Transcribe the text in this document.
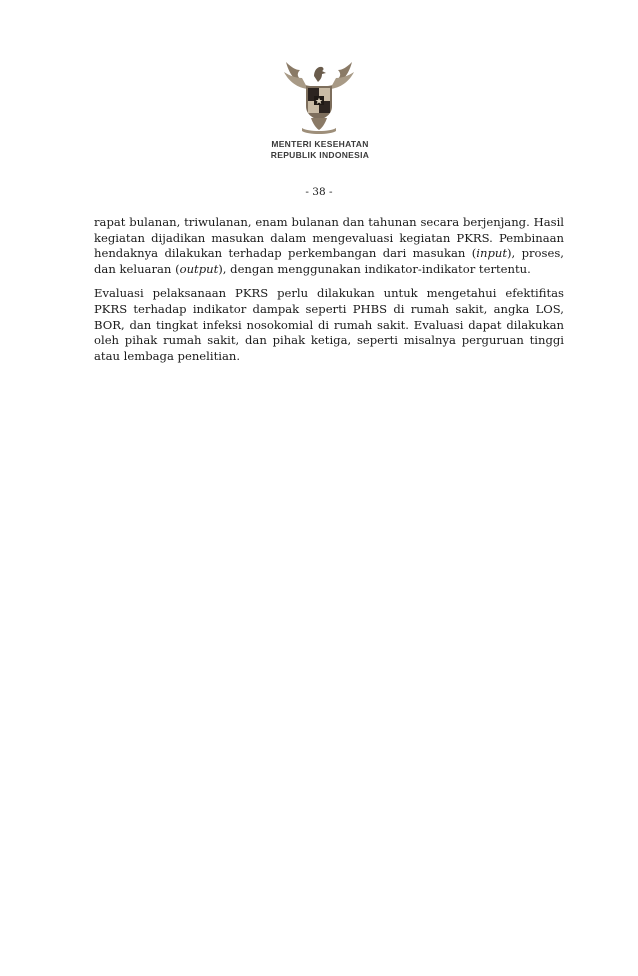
MENTERI KESEHATAN
REPUBLIK INDONESIA
- 38 -

rapat bulanan, triwulanan, enam bulanan dan tahunan secara berjenjang. Hasil kegiatan dijadikan masukan dalam mengevaluasi kegiatan PKRS. Pembinaan hendaknya dilakukan terhadap perkembangan dari masukan (input), proses, dan keluaran (output), dengan menggunakan indikator-indikator tertentu.

Evaluasi pelaksanaan PKRS perlu dilakukan untuk mengetahui efektifitas PKRS terhadap indikator dampak seperti PHBS di rumah sakit, angka LOS, BOR, dan tingkat infeksi nosokomial di rumah sakit. Evaluasi dapat dilakukan oleh pihak rumah sakit, dan pihak ketiga, seperti misalnya perguruan tinggi atau lembaga penelitian.
